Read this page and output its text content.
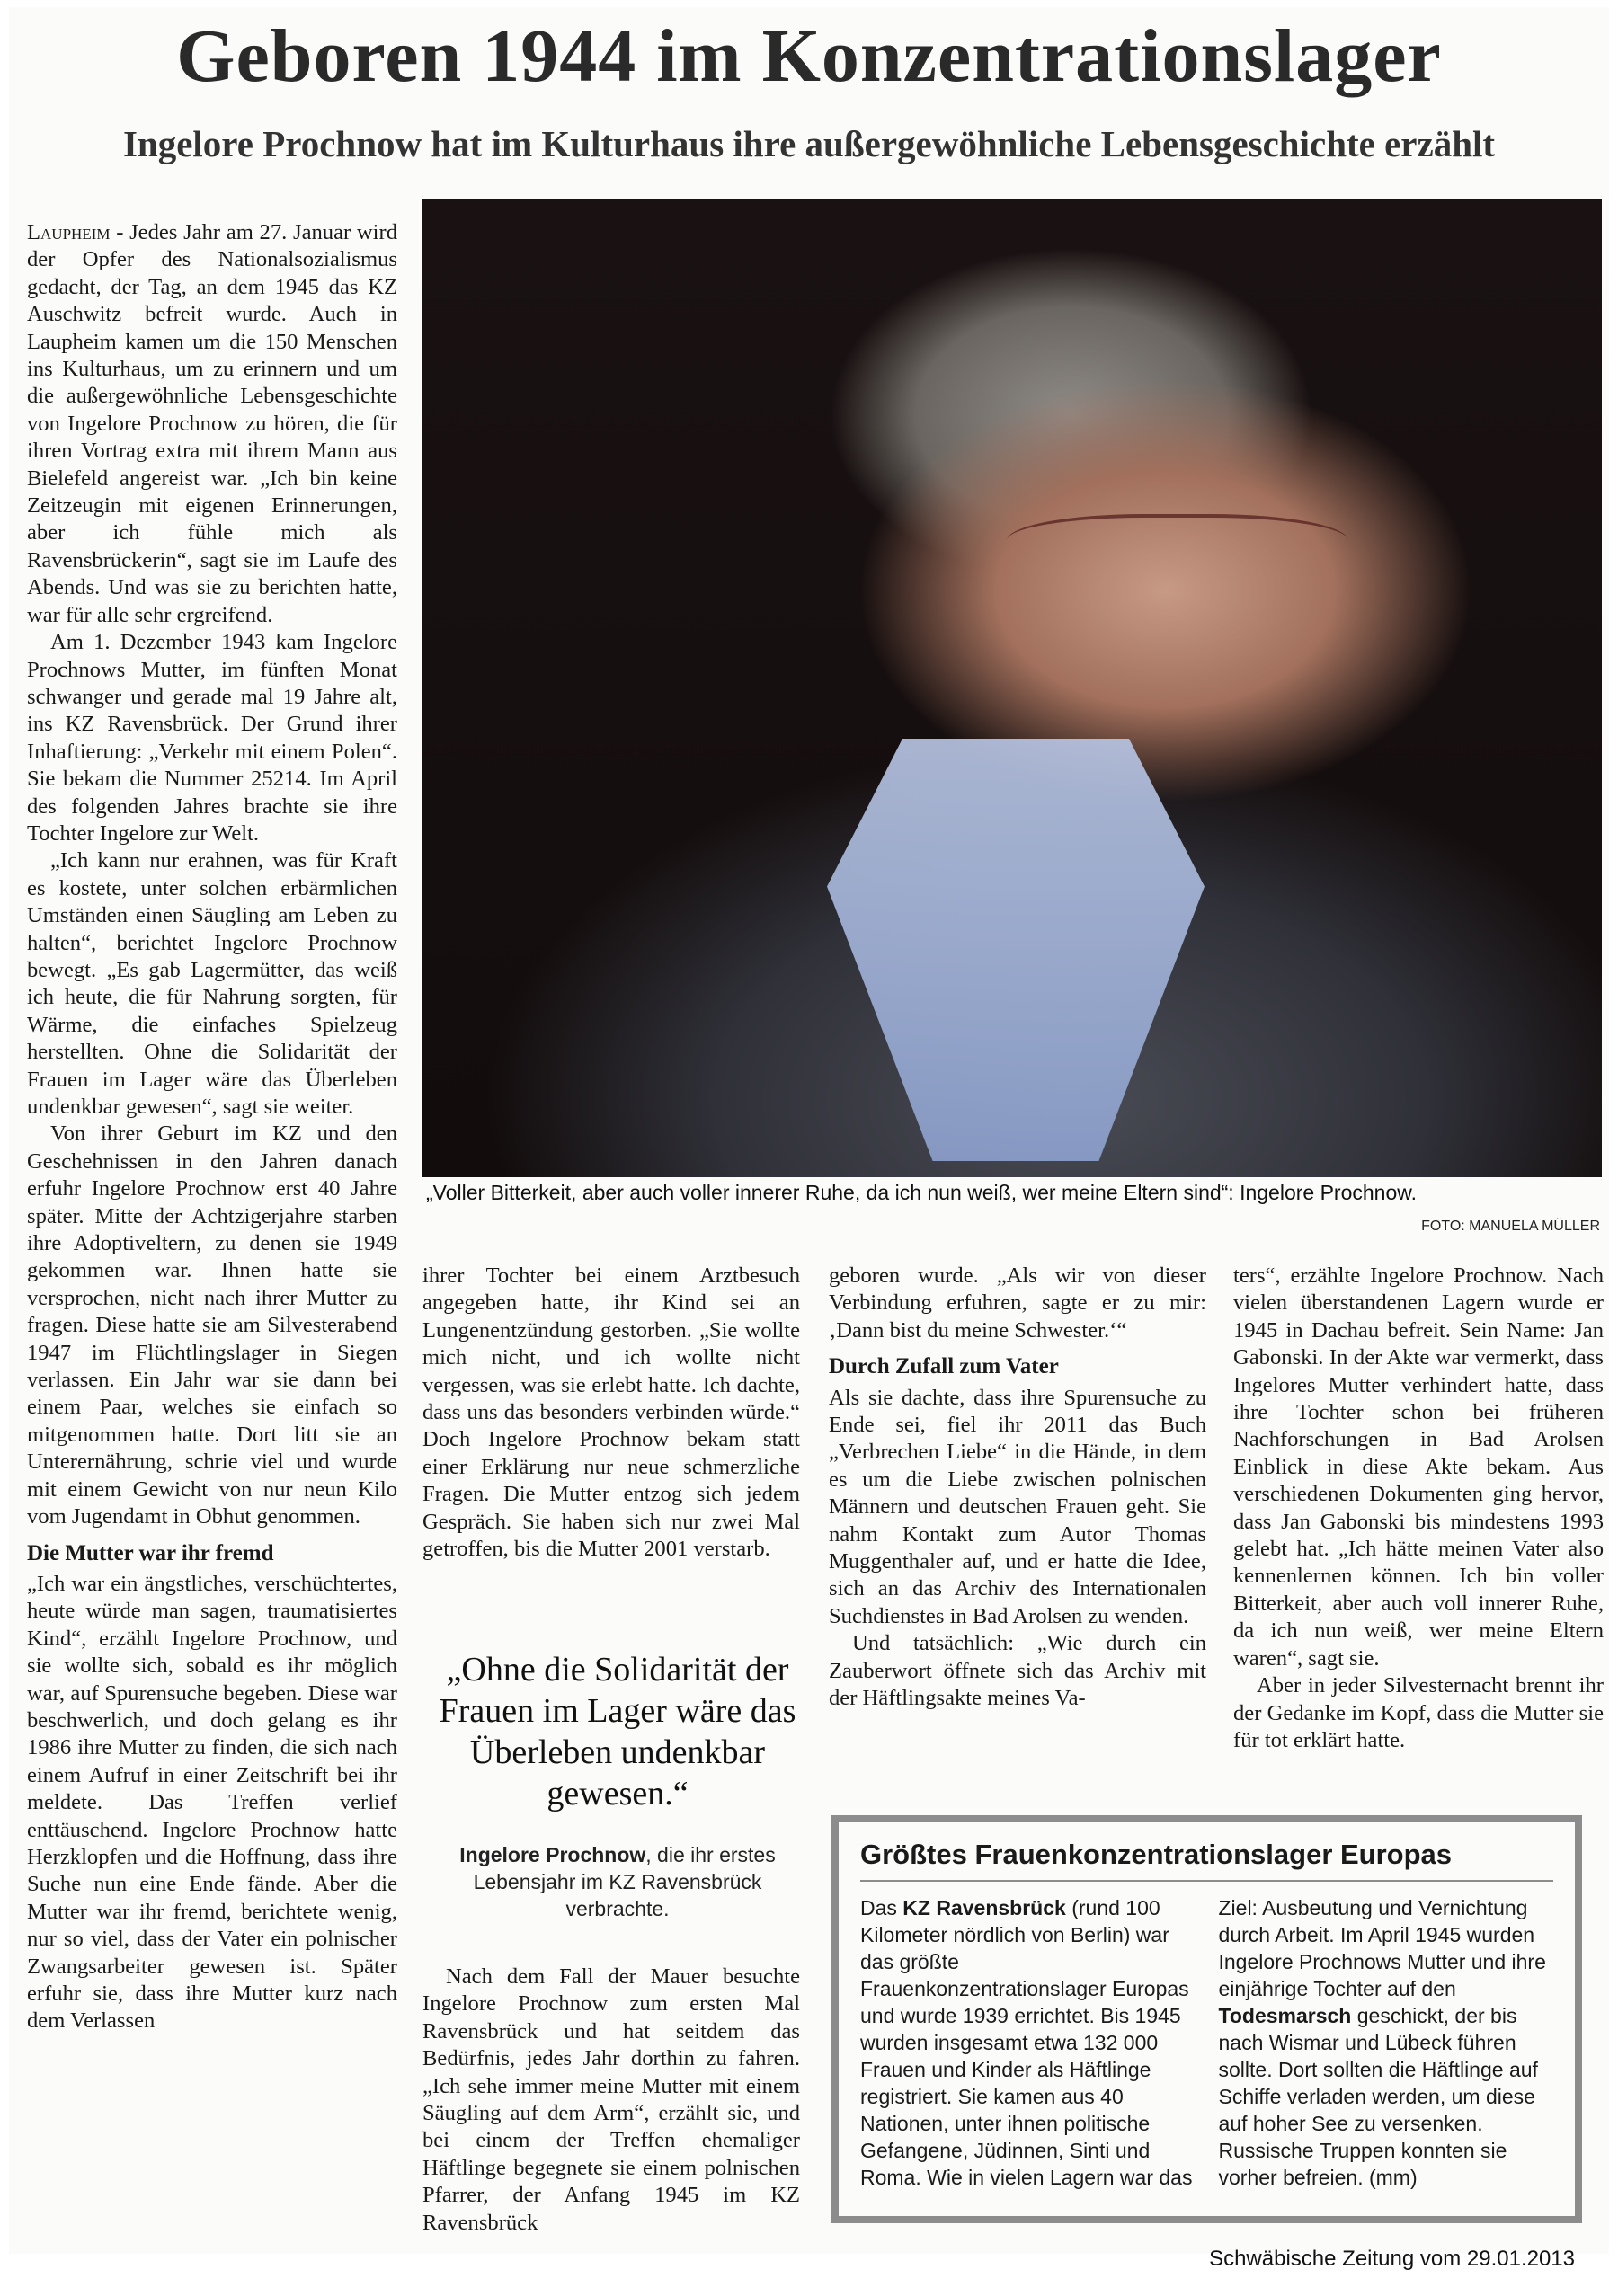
Geboren 1944 im Konzentrationslager
Ingelore Prochnow hat im Kulturhaus ihre außergewöhnliche Lebensgeschichte erzählt

Laupheim - Jedes Jahr am 27. Januar wird der Opfer des Nationalsozialismus gedacht, der Tag, an dem 1945 das KZ Auschwitz befreit wurde. Auch in Laupheim kamen um die 150 Menschen ins Kulturhaus, um zu erinnern und um die außergewöhnliche Lebensgeschichte von Ingelore Prochnow zu hören, die für ihren Vortrag extra mit ihrem Mann aus Bielefeld angereist war. „Ich bin keine Zeitzeugin mit eigenen Erinnerungen, aber ich fühle mich als Ravensbrückerin“, sagt sie im Laufe des Abends. Und was sie zu berichten hatte, war für alle sehr ergreifend.

Am 1. Dezember 1943 kam Ingelore Prochnows Mutter, im fünften Monat schwanger und gerade mal 19 Jahre alt, ins KZ Ravensbrück. Der Grund ihrer Inhaftierung: „Verkehr mit einem Polen“. Sie bekam die Nummer 25214. Im April des folgenden Jahres brachte sie ihre Tochter Ingelore zur Welt.

„Ich kann nur erahnen, was für Kraft es kostete, unter solchen erbärmlichen Umständen einen Säugling am Leben zu halten“, berichtet Ingelore Prochnow bewegt. „Es gab Lagermütter, das weiß ich heute, die für Nahrung sorgten, für Wärme, die einfaches Spielzeug herstellten. Ohne die Solidarität der Frauen im Lager wäre das Überleben undenkbar gewesen“, sagt sie weiter.

Von ihrer Geburt im KZ und den Geschehnissen in den Jahren danach erfuhr Ingelore Prochnow erst 40 Jahre später. Mitte der Achtzigerjahre starben ihre Adoptiveltern, zu denen sie 1949 gekommen war. Ihnen hatte sie versprochen, nicht nach ihrer Mutter zu fragen. Diese hatte sie am Silvesterabend 1947 im Flüchtlingslager in Siegen verlassen. Ein Jahr war sie dann bei einem Paar, welches sie einfach so mitgenommen hatte. Dort litt sie an Unterernährung, schrie viel und wurde mit einem Gewicht von nur neun Kilo vom Jugendamt in Obhut genommen.

Die Mutter war ihr fremd

„Ich war ein ängstliches, verschüchtertes, heute würde man sagen, traumatisiertes Kind“, erzählt Ingelore Prochnow, und sie wollte sich, sobald es ihr möglich war, auf Spurensuche begeben. Diese war beschwerlich, und doch gelang es ihr 1986 ihre Mutter zu finden, die sich nach einem Aufruf in einer Zeitschrift bei ihr meldete. Das Treffen verlief enttäuschend. Ingelore Prochnow hatte Herzklopfen und die Hoffnung, dass ihre Suche nun eine Ende fände. Aber die Mutter war ihr fremd, berichtete wenig, nur so viel, dass der Vater ein polnischer Zwangsarbeiter gewesen ist. Später erfuhr sie, dass ihre Mutter kurz nach dem Verlassen

„Voller Bitterkeit, aber auch voller innerer Ruhe, da ich nun weiß, wer meine Eltern sind“: Ingelore Prochnow.
FOTO: MANUELA MÜLLER

ihrer Tochter bei einem Arztbesuch angegeben hatte, ihr Kind sei an Lungenentzündung gestorben. „Sie wollte mich nicht, und ich wollte nicht vergessen, was sie erlebt hatte. Ich dachte, dass uns das besonders verbinden würde.“ Doch Ingelore Prochnow bekam statt einer Erklärung nur neue schmerzliche Fragen. Die Mutter entzog sich jedem Gespräch. Sie haben sich nur zwei Mal getroffen, bis die Mutter 2001 verstarb.

„Ohne die Solidarität der Frauen im Lager wäre das Überleben undenkbar gewesen.“

Ingelore Prochnow, die ihr erstes Lebensjahr im KZ Ravensbrück verbrachte.

Nach dem Fall der Mauer besuchte Ingelore Prochnow zum ersten Mal Ravensbrück und hat seitdem das Bedürfnis, jedes Jahr dorthin zu fahren. „Ich sehe immer meine Mutter mit einem Säugling auf dem Arm“, erzählt sie, und bei einem der Treffen ehemaliger Häftlinge begegnete sie einem polnischen Pfarrer, der Anfang 1945 im KZ Ravensbrück

geboren wurde. „Als wir von dieser Verbindung erfuhren, sagte er zu mir: ‚Dann bist du meine Schwester.‘“

Durch Zufall zum Vater

Als sie dachte, dass ihre Spurensuche zu Ende sei, fiel ihr 2011 das Buch „Verbrechen Liebe“ in die Hände, in dem es um die Liebe zwischen polnischen Männern und deutschen Frauen geht. Sie nahm Kontakt zum Autor Thomas Muggenthaler auf, und er hatte die Idee, sich an das Archiv des Internationalen Suchdienstes in Bad Arolsen zu wenden.

Und tatsächlich: „Wie durch ein Zauberwort öffnete sich das Archiv mit der Häftlingsakte meines Va-

ters“, erzählte Ingelore Prochnow. Nach vielen überstandenen Lagern wurde er 1945 in Dachau befreit. Sein Name: Jan Gabonski. In der Akte war vermerkt, dass Ingelores Mutter verhindert hatte, dass ihre Tochter schon bei früheren Nachforschungen in Bad Arolsen Einblick in diese Akte bekam. Aus verschiedenen Dokumenten ging hervor, dass Jan Gabonski bis mindestens 1993 gelebt hat. „Ich hätte meinen Vater also kennenlernen können. Ich bin voller Bitterkeit, aber auch voll innerer Ruhe, da ich nun weiß, wer meine Eltern waren“, sagt sie.

Aber in jeder Silvesternacht brennt ihr der Gedanke im Kopf, dass die Mutter sie für tot erklärt hatte.

Größtes Frauenkonzentrationslager Europas
Das KZ Ravensbrück (rund 100 Kilometer nördlich von Berlin) war das größte Frauenkonzentrationslager Europas und wurde 1939 errichtet. Bis 1945 wurden insgesamt etwa 132 000 Frauen und Kinder als Häftlinge registriert. Sie kamen aus 40 Nationen, unter ihnen politische Gefangene, Jüdinnen, Sinti und Roma. Wie in vielen Lagern war das Ziel: Ausbeutung und Vernichtung durch Arbeit. Im April 1945 wurden Ingelore Prochnows Mutter und ihre einjährige Tochter auf den Todesmarsch geschickt, der bis nach Wismar und Lübeck führen sollte. Dort sollten die Häftlinge auf Schiffe verladen werden, um diese auf hoher See zu versenken. Russische Truppen konnten sie vorher befreien. (mm)
Schwäbische Zeitung vom 29.01.2013
